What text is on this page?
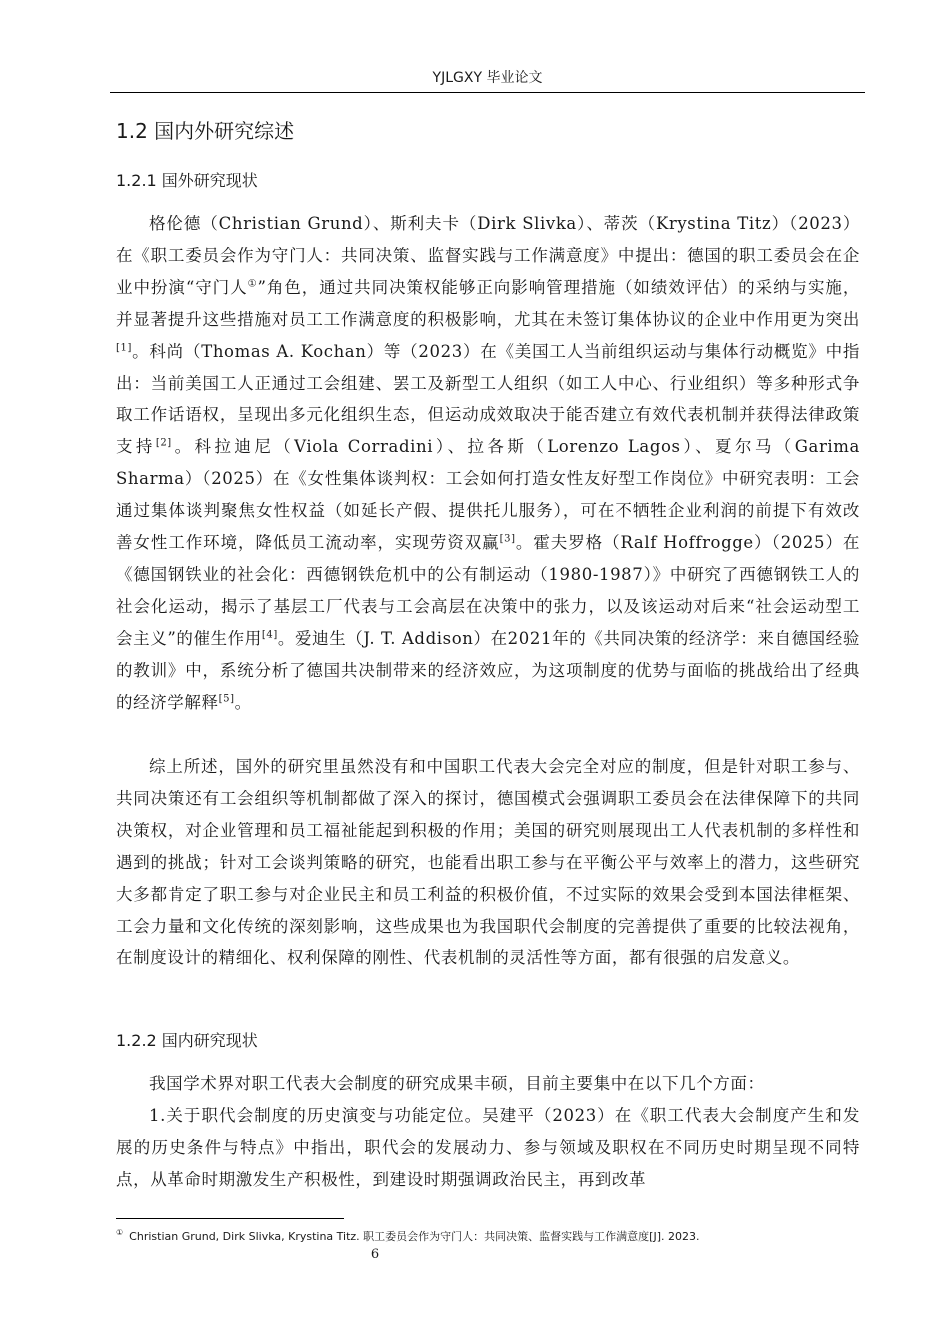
YJLGXY 毕业论文
1.2 国内外研究综述
1.2.1 国外研究现状

格伦德（Christian Grund）、斯利夫卡（Dirk Slivka）、蒂茨（Krystina Titz）（2023）在《职工委员会作为守门人：共同决策、监督实践与工作满意度》中提出：德国的职工委员会在企业中扮演“守门人①”角色，通过共同决策权能够正向影响管理措施（如绩效评估）的采纳与实施，并显著提升这些措施对员工工作满意度的积极影响，尤其在未签订集体协议的企业中作用更为突出[1]。科尚（Thomas A. Kochan）等（2023）在《美国工人当前组织运动与集体行动概览》中指出：当前美国工人正通过工会组建、罢工及新型工人组织（如工人中心、行业组织）等多种形式争取工作话语权，呈现出多元化组织生态，但运动成效取决于能否建立有效代表机制并获得法律政策支持[2]。科拉迪尼（Viola Corradini）、拉各斯（Lorenzo Lagos）、夏尔马（Garima Sharma）（2025）在《女性集体谈判权：工会如何打造女性友好型工作岗位》中研究表明：工会通过集体谈判聚焦女性权益（如延长产假、提供托儿服务），可在不牺牲企业利润的前提下有效改善女性工作环境，降低员工流动率，实现劳资双赢[3]。霍夫罗格（Ralf Hoffrogge）（2025）在《德国钢铁业的社会化：西德钢铁危机中的公有制运动（1980-1987）》中研究了西德钢铁工人的社会化运动，揭示了基层工厂代表与工会高层在决策中的张力，以及该运动对后来“社会运动型工会主义”的催生作用[4]。爱迪生（J. T. Addison）在2021年的《共同决策的经济学：来自德国经验的教训》中，系统分析了德国共决制带来的经济效应，为这项制度的优势与面临的挑战给出了经典的经济学解释[5]。

综上所述，国外的研究里虽然没有和中国职工代表大会完全对应的制度，但是针对职工参与、共同决策还有工会组织等机制都做了深入的探讨，德国模式会强调职工委员会在法律保障下的共同决策权，对企业管理和员工福祉能起到积极的作用；美国的研究则展现出工人代表机制的多样性和遇到的挑战；针对工会谈判策略的研究，也能看出职工参与在平衡公平与效率上的潜力，这些研究大多都肯定了职工参与对企业民主和员工利益的积极价值，不过实际的效果会受到本国法律框架、工会力量和文化传统的深刻影响，这些成果也为我国职代会制度的完善提供了重要的比较法视角，在制度设计的精细化、权利保障的刚性、代表机制的灵活性等方面，都有很强的启发意义。

1.2.2 国内研究现状

我国学术界对职工代表大会制度的研究成果丰硕，目前主要集中在以下几个方面：

1.关于职代会制度的历史演变与功能定位。吴建平（2023）在《职工代表大会制度产生和发展的历史条件与特点》中指出，职代会的发展动力、参与领域及职权在不同历史时期呈现不同特点，从革命时期激发生产积极性，到建设时期强调政治民主，再到改革

① Christian Grund, Dirk Slivka, Krystina Titz. 职工委员会作为守门人：共同决策、监督实践与工作满意度[J]. 2023.
6
